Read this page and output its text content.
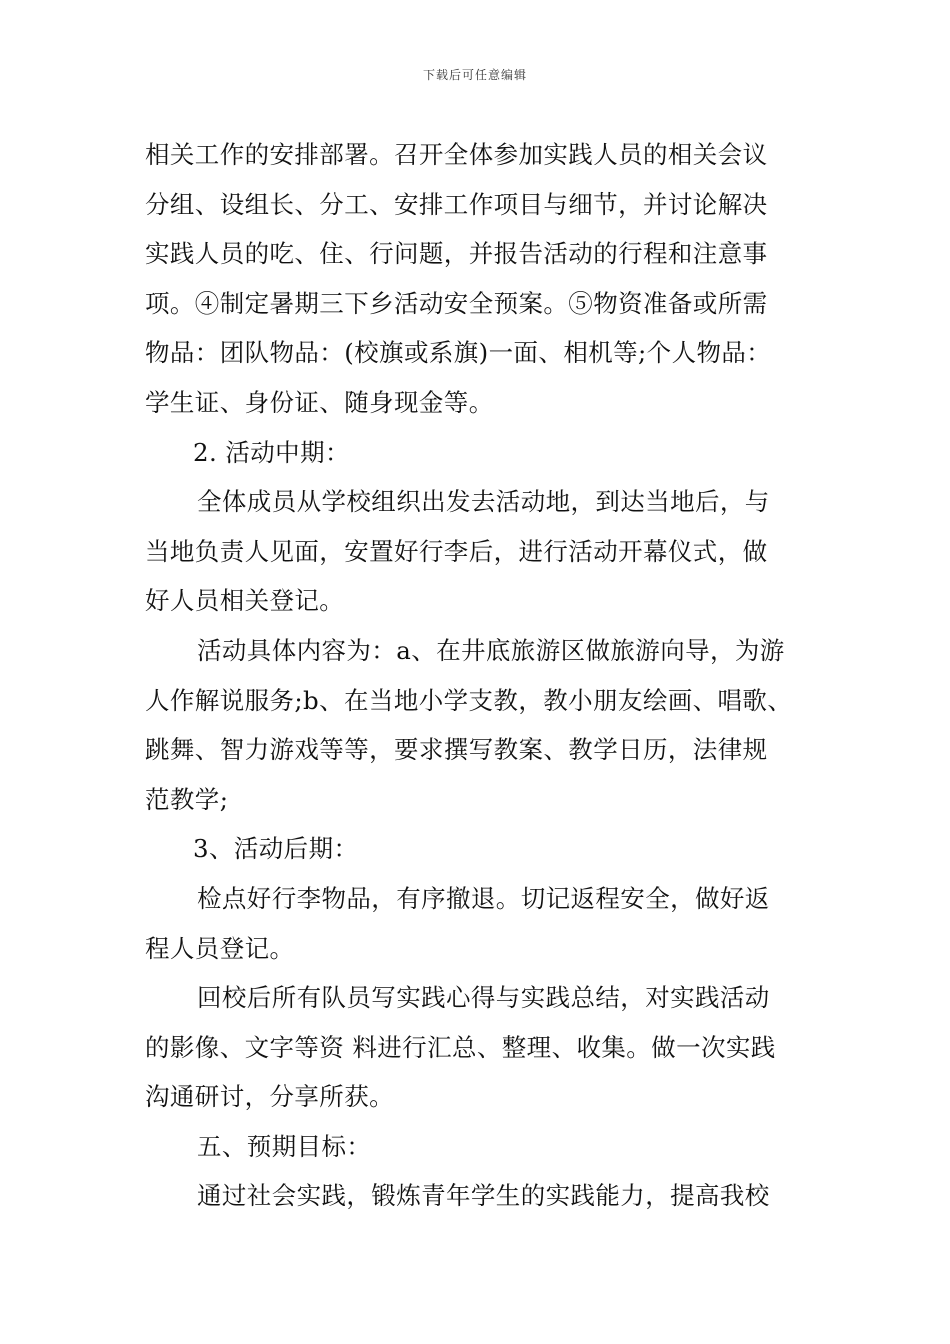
下载后可任意编辑
相关工作的安排部署。召开全体参加实践人员的相关会议
分组、设组长、分工、安排工作项目与细节，并讨论解决
实践人员的吃、住、行问题，并报告活动的行程和注意事
项。④制定暑期三下乡活动安全预案。⑤物资准备或所需
物品：团队物品：(校旗或系旗)一面、相机等;个人物品：
学生证、身份证、随身现金等。
2. 活动中期：
全体成员从学校组织出发去活动地，到达当地后，与
当地负责人见面，安置好行李后，进行活动开幕仪式，做
好人员相关登记。
活动具体内容为：a、在井底旅游区做旅游向导，为游
人作解说服务;b、在当地小学支教，教小朋友绘画、唱歌、
跳舞、智力游戏等等，要求撰写教案、教学日历，法律规
范教学;
3、活动后期：
检点好行李物品，有序撤退。切记返程安全，做好返
程人员登记。
回校后所有队员写实践心得与实践总结，对实践活动
的影像、文字等资 料进行汇总、整理、收集。做一次实践
沟通研讨，分享所获。
五、预期目标：
通过社会实践，锻炼青年学生的实践能力，提高我校
